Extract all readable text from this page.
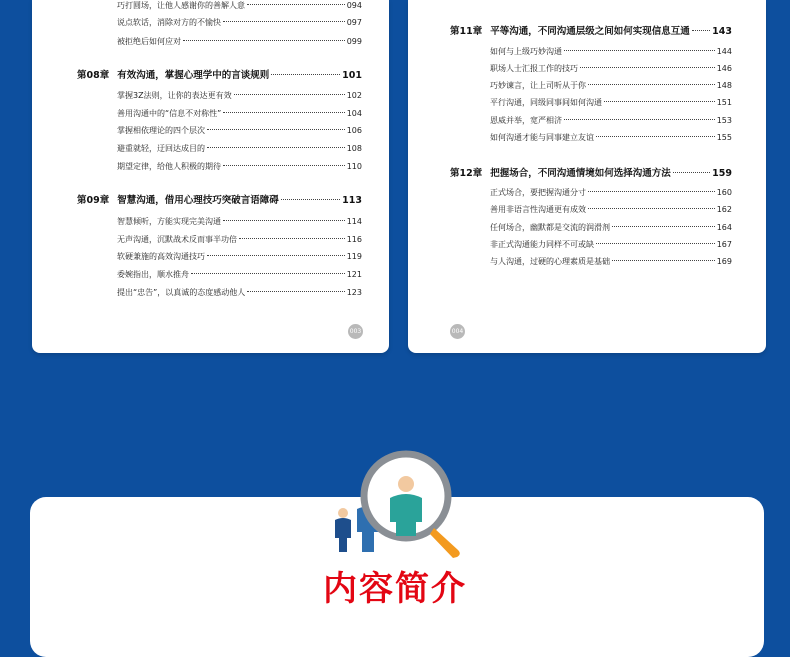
巧打圆场，让他人感谢你的善解人意	094
说点软话，消除对方的不愉快	097
被拒绝后如何应对	099
第08章 有效沟通，掌握心理学中的言谈规则	101
掌握3Z法则，让你的表达更有效	102
善用沟通中的“信息不对称性”	104
掌握相依理论的四个层次	106
避重就轻，迂回达成目的	108
期望定律，给他人积极的期待	110
第09章 智慧沟通，借用心理技巧突破言语障碍	113
智慧倾听，方能实现完美沟通	114
无声沟通，沉默战术反而事半功倍	116
软硬兼施的高效沟通技巧	119
委婉指出，顺水推舟	121
提出“忠告”，以真诚的态度感动他人	123
003
第11章 平等沟通，不同沟通层级之间如何实现信息互通 143
如何与上级巧妙沟通	144
职场人士汇报工作的技巧	146
巧妙谏言，让上司听从于你	148
平行沟通，同级同事间如何沟通	151
恩威并举，宽严相济	153
如何沟通才能与同事建立友谊	155
第12章 把握场合，不同沟通情境如何选择沟通方法	159
正式场合，要把握沟通分寸	160
善用非语言性沟通更有成效	162
任何场合，幽默都是交流的润滑剂	164
非正式沟通能力同样不可或缺	167
与人沟通，过硬的心理素质是基础	169
004
内容简介
